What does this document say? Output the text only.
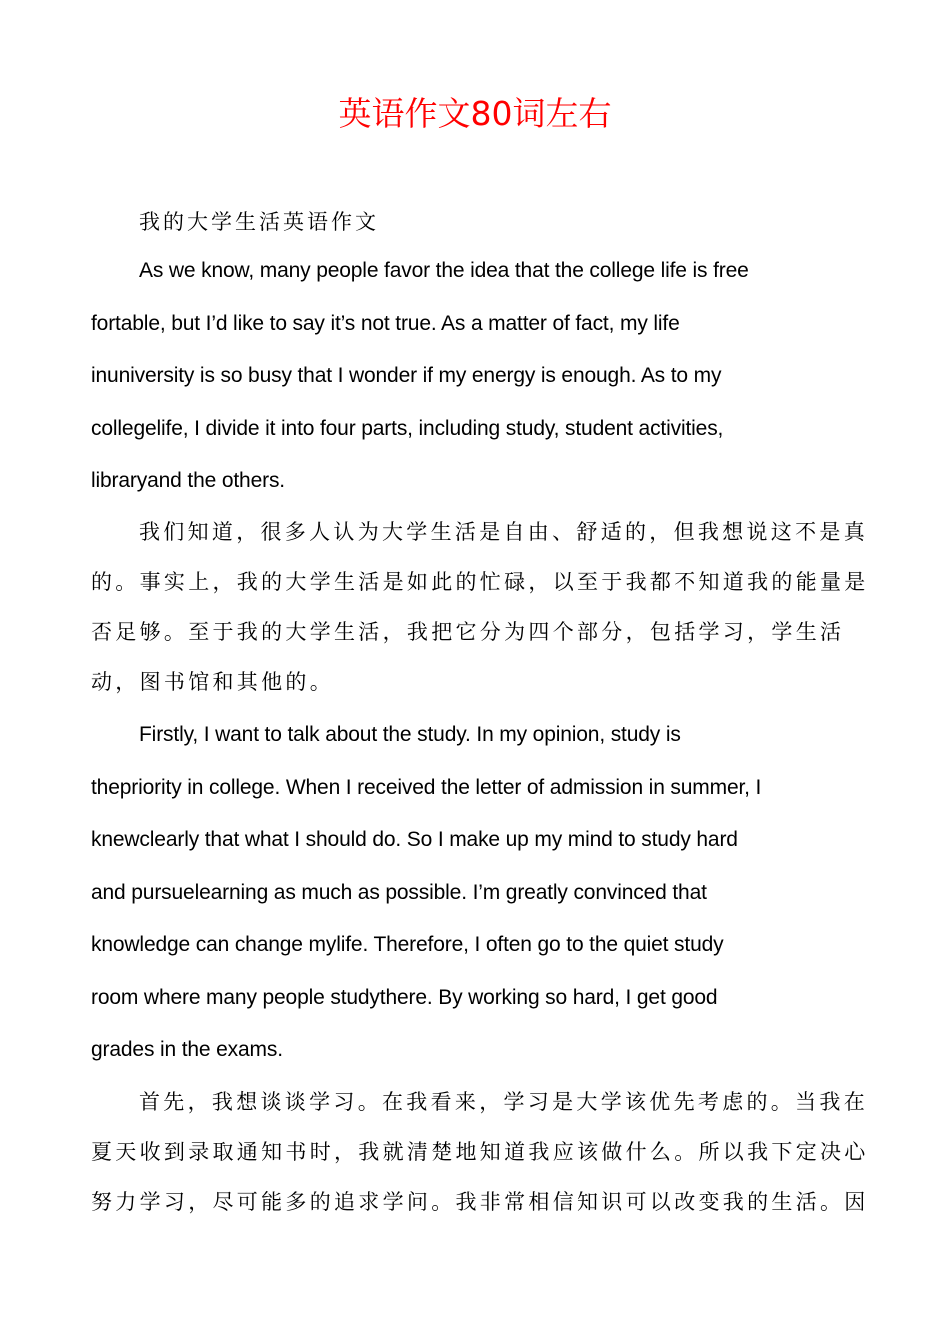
英语作文80词左右
我的大学生活英语作文
As we know, many people favor the idea that the college life is free
fortable, but I’d like to say it’s not true. As a matter of fact, my life
inuniversity is so busy that I wonder if my energy is enough. As to my
collegelife, I divide it into four parts, including study, student activities,
libraryand the others.
我们知道，很多人认为大学生活是自由、舒适的，但我想说这不是真
的。事实上，我的大学生活是如此的忙碌，以至于我都不知道我的能量是
否足够。至于我的大学生活，我把它分为四个部分，包括学习，学生活
动，图书馆和其他的。
Firstly, I want to talk about the study. In my opinion, study is
thepriority in college. When I received the letter of admission in summer, I
knewclearly that what I should do. So I make up my mind to study hard
and pursuelearning as much as possible. I’m greatly convinced that
knowledge can change mylife. Therefore, I often go to the quiet study
room where many people studythere. By working so hard, I get good
grades in the exams.
首先，我想谈谈学习。在我看来，学习是大学该优先考虑的。当我在
夏天收到录取通知书时，我就清楚地知道我应该做什么。所以我下定决心
努力学习，尽可能多的追求学问。我非常相信知识可以改变我的生活。因
